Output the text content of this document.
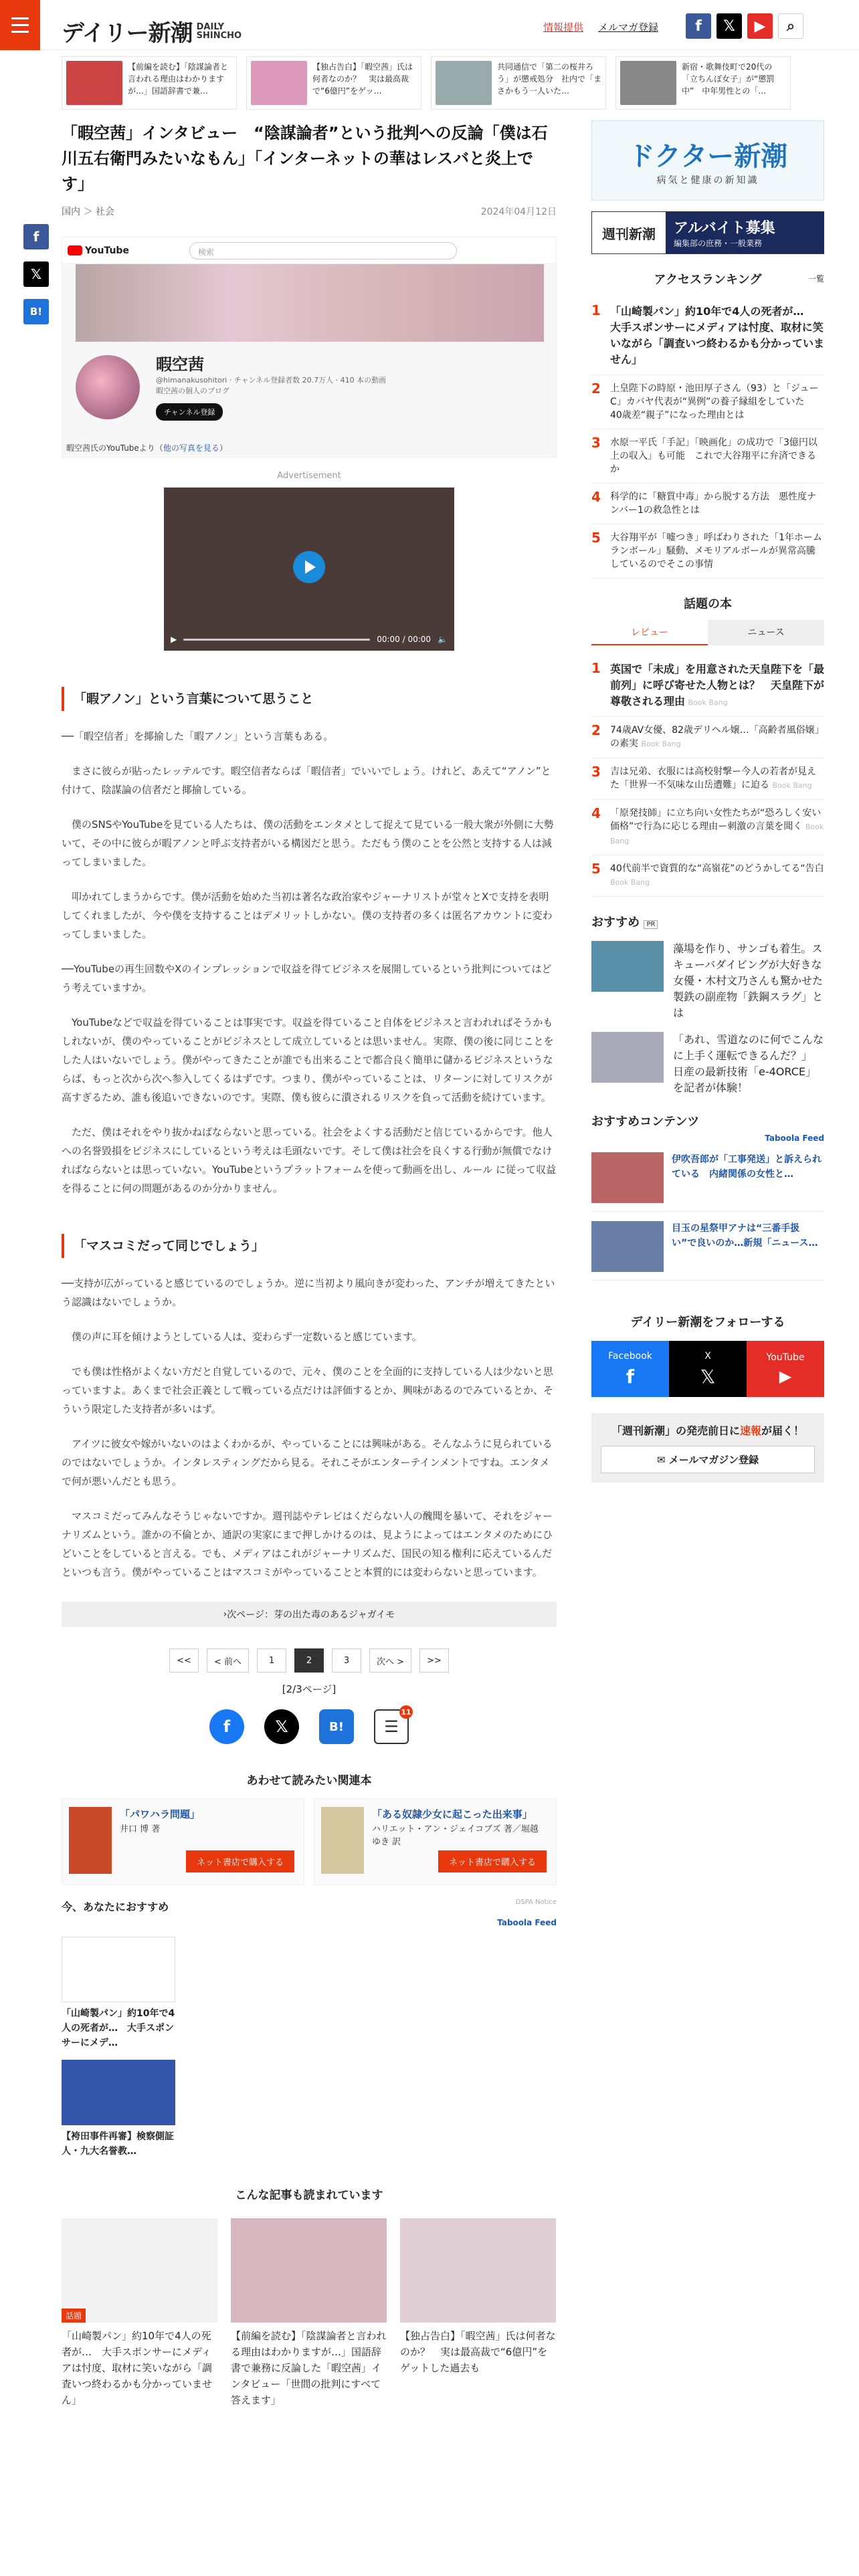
デイリー新潮 DAILY
SHINCHO
情報提供 メルマガ登録	f	𝕏	▶	⌕
【前編を読む】「陰謀論者と言われる理由はわかりますが…」国語辞書で兼…
【独占告白】「暇空茜」氏は何者なのか？　実は最高裁で“6億円”をゲッ…
共同通信で「第二の桜井ろう」が懲戒処分　社内で「まさかもう一人いた…
新宿・歌舞伎町で20代の「立ちんぼ女子」が“懲罰中”　中年男性との「…
f
𝕏
B!
「暇空茜」インタビュー　“陰謀論者”という批判への反論「僕は石川五右衛門みたいなもん」「インターネットの華はレスバと炎上です」
国内 ＞ 社会	2024年04月12日
YouTube	検索
暇空茜
@himanakusohitori · チャンネル登録者数 20.7万人 · 410 本の動画
暇空茜の個人のブログ
チャンネル登録
暇空茜氏のYouTubeより（他の写真を見る）
Advertisement
▶	00:00 / 00:00 🔈
「暇アノン」という言葉について思うこと

──「暇空信者」を揶揄した「暇アノン」という言葉もある。

　まさに彼らが貼ったレッテルです。暇空信者ならば「暇信者」でいいでしょう。けれど、あえて“アノン”と付けて、陰謀論の信者だと揶揄している。

　僕のSNSやYouTubeを見ている人たちは、僕の活動をエンタメとして捉えて見ている一般大衆が外側に大勢いて、その中に彼らが暇アノンと呼ぶ支持者がいる構図だと思う。ただもう僕のことを公然と支持する人は減ってしまいました。

　叩かれてしまうからです。僕が活動を始めた当初は著名な政治家やジャーナリストが堂々とXで支持を表明してくれましたが、今や僕を支持することはデメリットしかない。僕の支持者の多くは匿名アカウントに変わってしまいました。

──YouTubeの再生回数やXのインプレッションで収益を得てビジネスを展開しているという批判についてはどう考えていますか。

　YouTubeなどで収益を得ていることは事実です。収益を得ていること自体をビジネスと言われればそうかもしれないが、僕のやっていることがビジネスとして成立しているとは思いません。実際、僕の後に同じことをした人はいないでしょう。僕がやってきたことが誰でも出来ることで都合良く簡単に儲かるビジネスというならば、もっと次から次へ参入してくるはずです。つまり、僕がやっていることは、リターンに対してリスクが高すぎるため、誰も後追いできないのです。実際、僕も彼らに潰されるリスクを負って活動を続けています。

　ただ、僕はそれをやり抜かねばならないと思っている。社会をよくする活動だと信じているからです。他人への名誉毀損をビジネスにしているという考えは毛頭ないです。そして僕は社会を良くする行動が無償でなければならないとは思っていない。YouTubeというプラットフォームを使って動画を出し、ルール に従って収益を得ることに何の問題があるのか分かりません。

「マスコミだって同じでしょう」

──支持が広がっていると感じているのでしょうか。逆に当初より風向きが変わった、アンチが増えてきたという認識はないでしょうか。

　僕の声に耳を傾けようとしている人は、変わらず一定数いると感じています。

　でも僕は性格がよくない方だと自覚しているので、元々、僕のことを全面的に支持している人は少ないと思っていますよ。あくまで社会正義として戦っている点だけは評価するとか、興味があるのでみているとか、そういう限定した支持者が多いはず。

　アイツに彼女や嫁がいないのはよくわかるが、やっていることには興味がある。そんなふうに見られているのではないでしょうか。インタレスティングだから見る。それこそがエンターテインメントですね。エンタメで何が悪いんだとも思う。

　マスコミだってみんなそうじゃないですか。週刊誌やテレビはくだらない人の醜聞を暴いて、それをジャーナリズムという。誰かの不倫とか、通訳の実家にまで押しかけるのは、見ようによってはエンタメのためにひどいことをしていると言える。でも、メディアはこれがジャーナリズムだ、国民の知る権利に応えているんだといつも言う。僕がやっていることはマスコミがやっていることと本質的には変わらないと思っています。

› 次ページ：芽の出た毒のあるジャガイモ
<<	< 前へ	1	2	3	次へ >	>>
[2/3ページ]
f	𝕏	B!	☰
11
あわせて読みたい関連本
「パワハラ問題」
井口 博 著
ネット書店で購入する
「ある奴隷少女に起こった出来事」
ハリエット・アン・ジェイコブズ 著／堀越 ゆき 訳
ネット書店で購入する
今、あなたにおすすめ	DSPA Notice
Taboola Feed

「山崎製パン」約10年で4人の死者が…　大手スポンサーにメデ…

【袴田事件再審】検察側証人・九大名誉教…

こんな記事も読まれています
話題

「山崎製パン」約10年で4人の死者が…　大手スポンサーにメディアは忖度、取材に笑いながら「調査いつ終わるかも分かっていません」

【前編を読む】「陰謀論者と言われる理由はわかりますが…」国語辞書で兼務に反論した「暇空茜」インタビュー「世間の批判にすべて答えます」

【独占告白】「暇空茜」氏は何者なのか？　実は最高裁で“6億円”をゲットした過去も

ドクター新潮
病気と健康の新知識
週刊新潮	アルバイト募集
編集部の庶務・一般業務
アクセスランキング	一覧
1 「山崎製パン」約10年で4人の死者が…　大手スポンサーにメディアは忖度、取材に笑いながら「調査いつ終わるかも分かっていません」
2 上皇陛下の時原・池田厚子さん（93）と「ジューC」カバヤ代表が“異例”の養子縁組をしていた　40歳差“親子”になった理由とは
3 水原一平氏「手記」「映画化」の成功で「3億円以上の収入」も可能　これで大谷翔平に弁済できるか
4 科学的に「糖質中毒」から脱する方法　悪性度ナンバー1の救急性とは
5 大谷翔平が「嘘つき」呼ばわりされた「1年ホームランボール」騒動、メモリアルボールが異常高騰しているのでそこの事情
話題の本
レビュー	ニュース
1 英国で「未成」を用意された天皇陛下を「最前列」に呼び寄せた人物とは？　天皇陛下が尊敬される理由 Book Bang
2 74歳AV女優、82歳デリヘル嬢…「高齢者風俗嬢」の素実 Book Bang
3 吉は兄弟、衣服には高校射撃ー今人の若者が見えた「世界一不気味な山岳遭難」に迫る Book Bang
4 「原発技師」に立ち向い女性たちが“恐ろしく安い価格”で行為に応じる理由ー刺激の言葉を聞く Book Bang
5 40代前半で資質的な“高嶺花”のどうかしてる“告白 Book Bang
おすすめ PR

藻場を作り、サンゴも着生。スキューバダイビングが大好きな女優・木村文乃さんも驚かせた製鉄の副産物「鉄鋼スラグ」とは

「あれ、雪道なのに何でこんなに上手く運転できるんだ？」　日産の最新技術「e-4ORCE」を記者が体験！

おすすめコンテンツ
Taboola Feed

伊吹吾郎が「工事発送」と訴えられている　内緒関係の女性と…

目玉の星祭甲アナは“三番手扱い”で良いのか…新規「ニュース…

デイリー新潮をフォローする
Facebook
f
X
𝕏
YouTube
▶
「週刊新潮」の発売前日に速報が届く！
✉ メールマガジン登録
